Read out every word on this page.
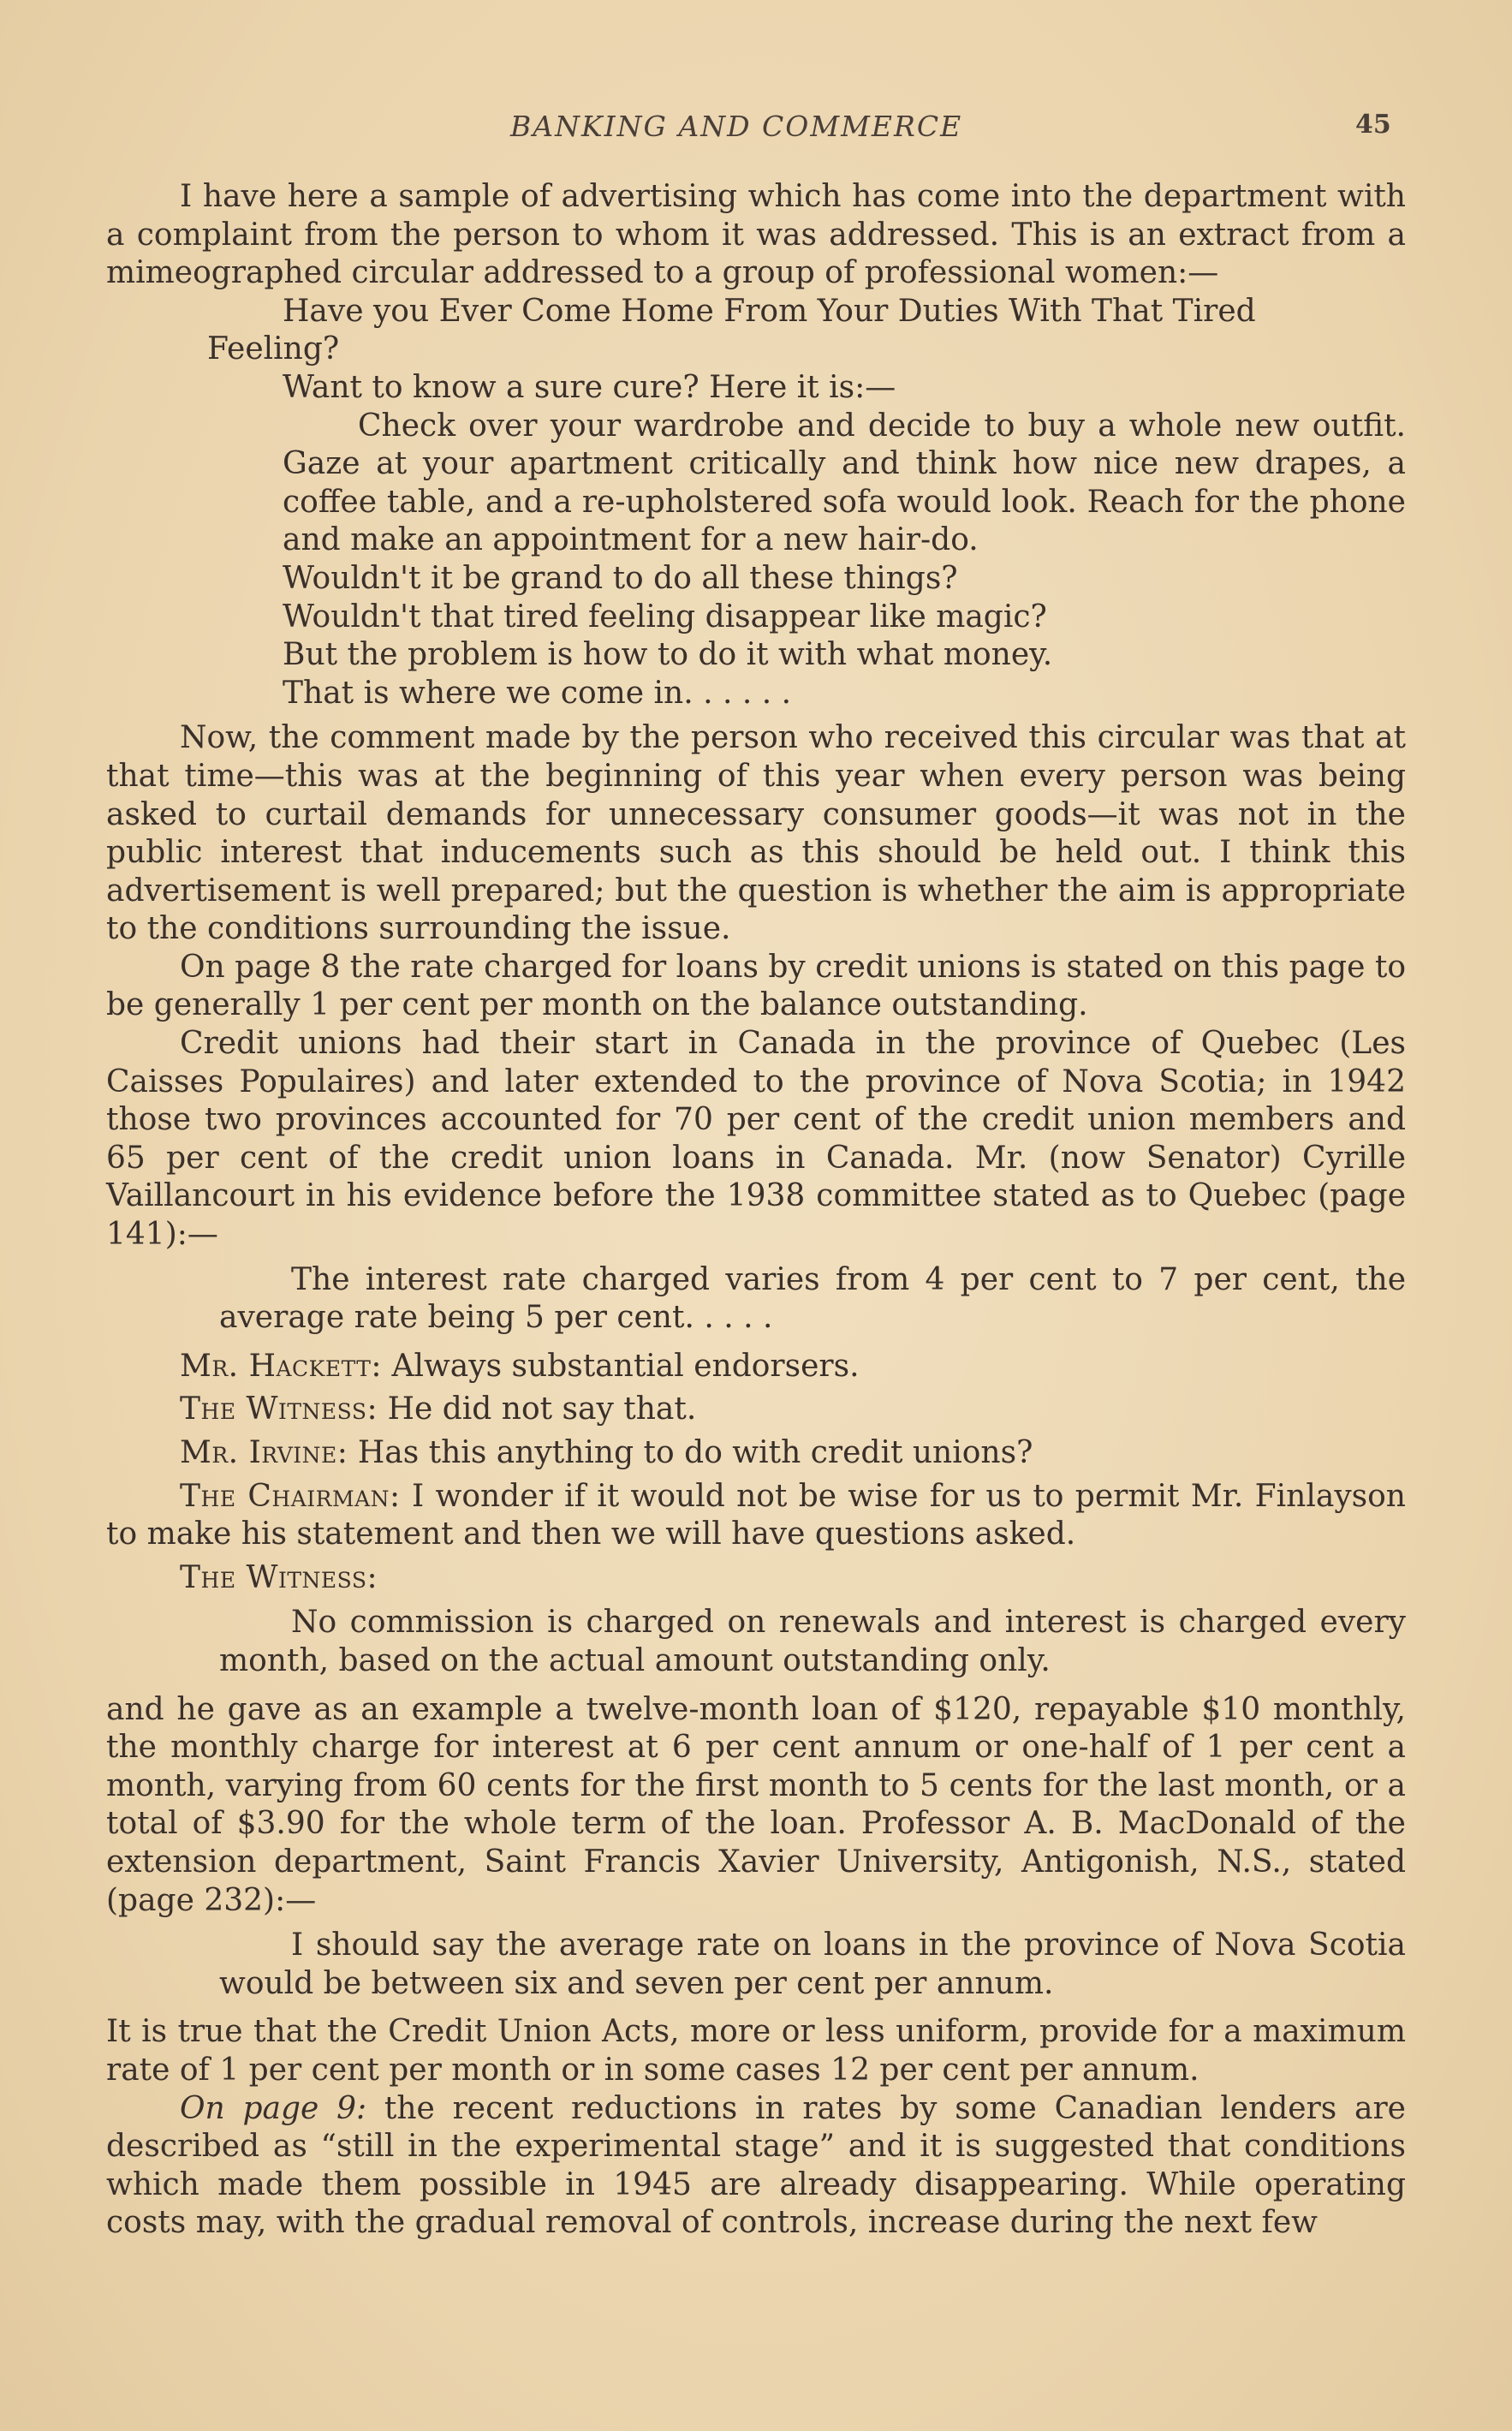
BANKING AND COMMERCE	45

I have here a sample of advertising which has come into the department with a complaint from the person to whom it was addressed. This is an extract from a mimeographed circular addressed to a group of professional women:—

Have you Ever Come Home From Your Duties With That Tired

Feeling?

Want to know a sure cure? Here it is:—

Check over your wardrobe and decide to buy a whole new outfit. Gaze at your apartment critically and think how nice new drapes, a coffee table, and a re-upholstered sofa would look. Reach for the phone and make an appointment for a new hair-do.

Wouldn't it be grand to do all these things?

Wouldn't that tired feeling disappear like magic?

But the problem is how to do it with what money.

That is where we come in. . . . . .

Now, the comment made by the person who received this circular was that at that time—this was at the beginning of this year when every person was being asked to curtail demands for unnecessary consumer goods—it was not in the public interest that inducements such as this should be held out. I think this advertisement is well prepared; but the question is whether the aim is appropriate to the conditions surrounding the issue.

On page 8 the rate charged for loans by credit unions is stated on this page to be generally 1 per cent per month on the balance outstanding.

Credit unions had their start in Canada in the province of Quebec (Les Caisses Populaires) and later extended to the province of Nova Scotia; in 1942 those two provinces accounted for 70 per cent of the credit union members and 65 per cent of the credit union loans in Canada. Mr. (now Senator) Cyrille Vaillancourt in his evidence before the 1938 committee stated as to Quebec (page 141):—

The interest rate charged varies from 4 per cent to 7 per cent, the average rate being 5 per cent. . . . .

Mr. Hackett: Always substantial endorsers.

The Witness: He did not say that.

Mr. Irvine: Has this anything to do with credit unions?

The Chairman: I wonder if it would not be wise for us to permit Mr. Finlayson to make his statement and then we will have questions asked.

The Witness:

No commission is charged on renewals and interest is charged every month, based on the actual amount outstanding only.

and he gave as an example a twelve-month loan of $120, repayable $10 monthly, the monthly charge for interest at 6 per cent annum or one-half of 1 per cent a month, varying from 60 cents for the first month to 5 cents for the last month, or a total of $3.90 for the whole term of the loan. Professor A. B. MacDonald of the extension department, Saint Francis Xavier University, Antigonish, N.S., stated (page 232):—

I should say the average rate on loans in the province of Nova Scotia would be between six and seven per cent per annum.

It is true that the Credit Union Acts, more or less uniform, provide for a maximum rate of 1 per cent per month or in some cases 12 per cent per annum.

On page 9: the recent reductions in rates by some Canadian lenders are described as “still in the experimental stage” and it is suggested that conditions which made them possible in 1945 are already disappearing. While operating costs may, with the gradual removal of controls, increase during the next few
